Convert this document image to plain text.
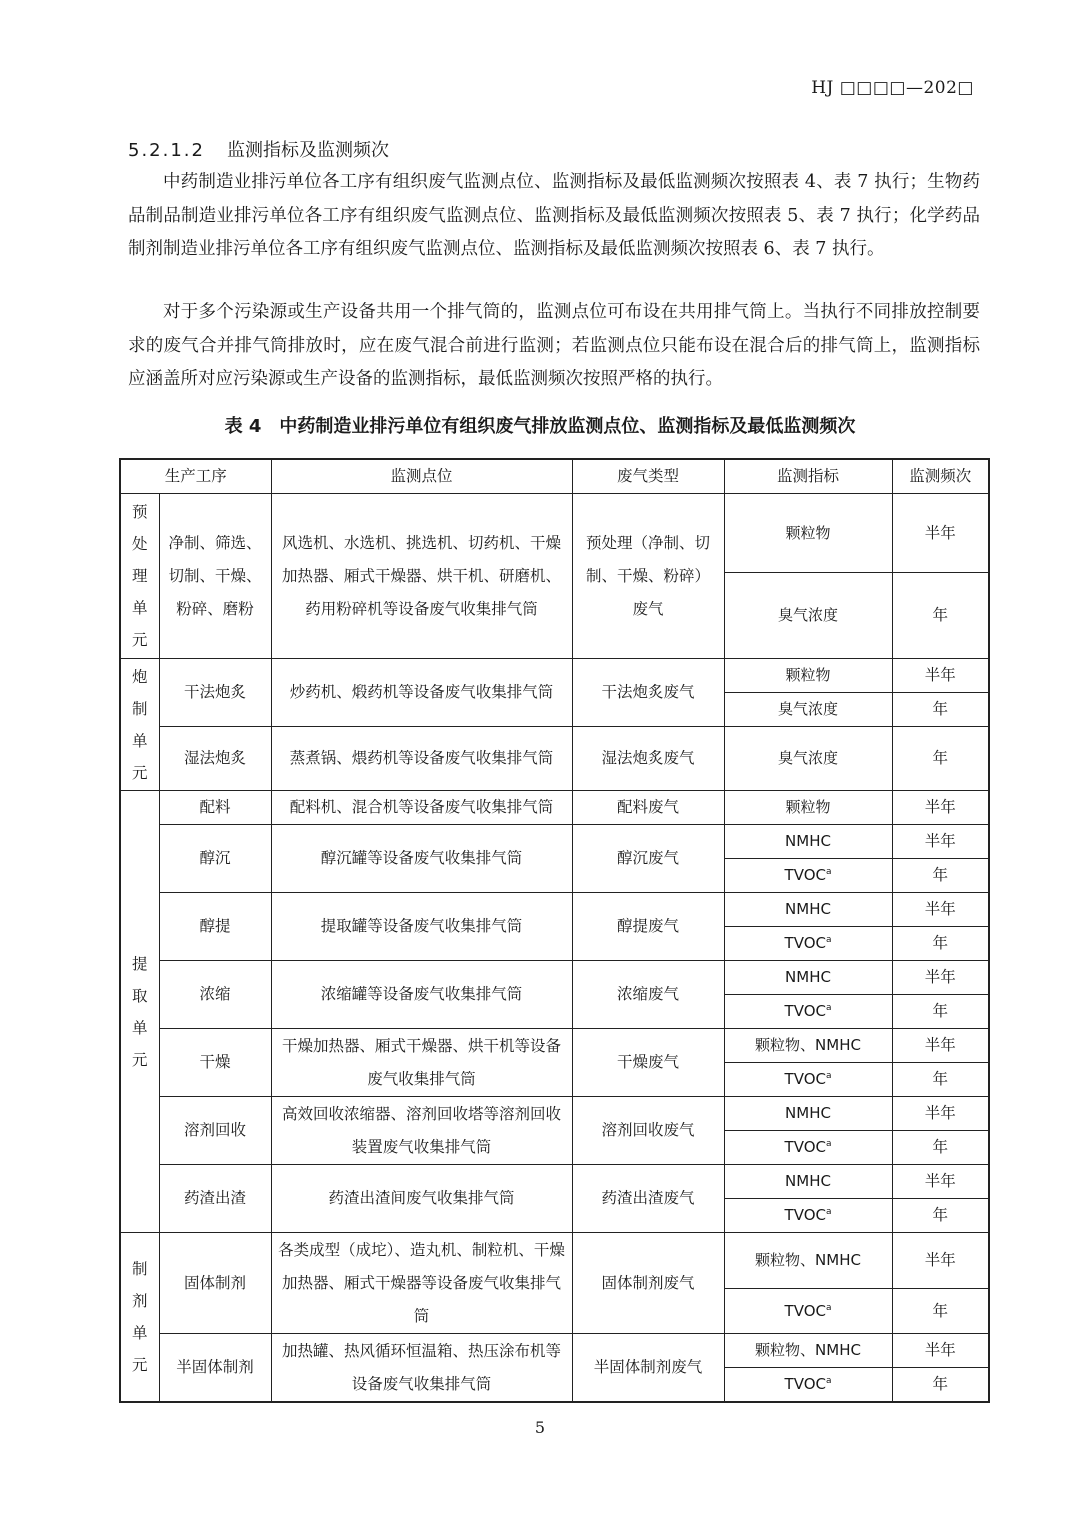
HJ □□□□—202□
5.2.1.2 监测指标及监测频次

中药制造业排污单位各工序有组织废气监测点位、监测指标及最低监测频次按照表 4、表 7 执行；生物药品制品制造业排污单位各工序有组织废气监测点位、监测指标及最低监测频次按照表 5、表 7 执行；化学药品制剂制造业排污单位各工序有组织废气监测点位、监测指标及最低监测频次按照表 6、表 7 执行。

对于多个污染源或生产设备共用一个排气筒的，监测点位可布设在共用排气筒上。当执行不同排放控制要求的废气合并排气筒排放时，应在废气混合前进行监测；若监测点位只能布设在混合后的排气筒上，监测指标应涵盖所对应污染源或生产设备的监测指标，最低监测频次按照严格的执行。

表 4　中药制造业排污单位有组织废气排放监测点位、监测指标及最低监测频次
生产工序		监测点位	废气类型	监测指标	监测频次

预处理单元	净制、筛选、切制、干燥、粉碎、磨粉	风选机、水选机、挑选机、切药机、干燥加热器、厢式干燥器、烘干机、研磨机、药用粉碎机等设备废气收集排气筒	预处理（净制、切制、干燥、粉碎）废气	颗粒物	半年
				臭气浓度	年

炮制单元	干法炮炙	炒药机、煅药机等设备废气收集排气筒	干法炮炙废气	颗粒物	半年
				臭气浓度	年
	湿法炮炙	蒸煮锅、煨药机等设备废气收集排气筒	湿法炮炙废气	臭气浓度	年

提取单元	配料	配料机、混合机等设备废气收集排气筒	配料废气	颗粒物	半年
	醇沉	醇沉罐等设备废气收集排气筒	醇沉废气	NMHC	半年
				TVOC$^a$	年
	醇提	提取罐等设备废气收集排气筒	醇提废气	NMHC	半年
				TVOC$^a$	年
	浓缩	浓缩罐等设备废气收集排气筒	浓缩废气	NMHC	半年
				TVOC$^a$	年
	干燥	干燥加热器、厢式干燥器、烘干机等设备废气收集排气筒	干燥废气	颗粒物、NMHC	半年
				TVOC$^a$	年
	溶剂回收	高效回收浓缩器、溶剂回收塔等溶剂回收装置废气收集排气筒	溶剂回收废气	NMHC	半年
				TVOC$^a$	年
	药渣出渣	药渣出渣间废气收集排气筒	药渣出渣废气	NMHC	半年
				TVOC$^a$	年

制剂单元	固体制剂	各类成型（成坨）、造丸机、制粒机、干燥加热器、厢式干燥器等设备废气收集排气筒	固体制剂废气	颗粒物、NMHC	半年
				TVOC$^a$	年
	半固体制剂	加热罐、热风循环恒温箱、热压涂布机等设备废气收集排气筒	半固体制剂废气	颗粒物、NMHC	半年
				TVOC$^a$	年
5
